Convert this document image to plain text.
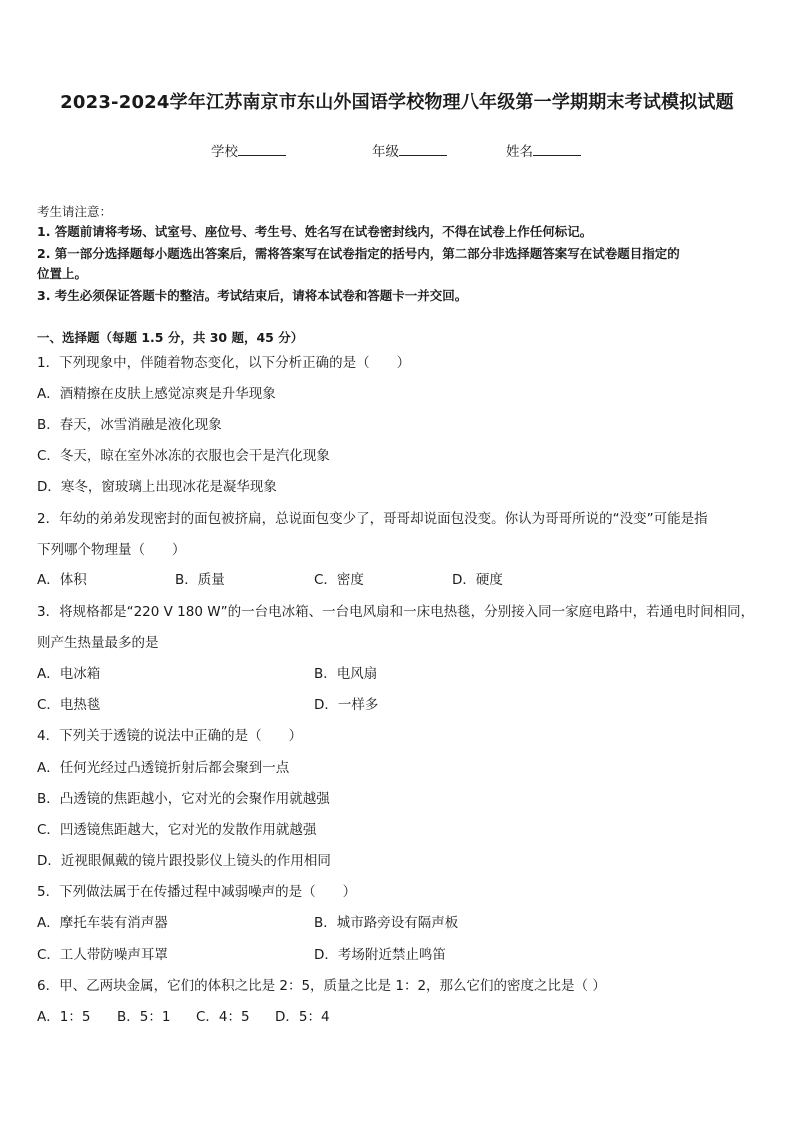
2023-2024学年江苏南京市东山外国语学校物理八年级第一学期期末考试模拟试题
学校	年级	姓名
考生请注意：
1. 答题前请将考场、试室号、座位号、考生号、姓名写在试卷密封线内，不得在试卷上作任何标记。
2. 第一部分选择题每小题选出答案后，需将答案写在试卷指定的括号内，第二部分非选择题答案写在试卷题目指定的
位置上。
3. 考生必须保证答题卡的整洁。考试结束后，请将本试卷和答题卡一并交回。
一、选择题（每题 1.5 分，共 30 题，45 分）
1．下列现象中，伴随着物态变化，以下分析正确的是（　　）
A．酒精擦在皮肤上感觉凉爽是升华现象
B．春天，冰雪消融是液化现象
C．冬天，晾在室外冰冻的衣服也会干是汽化现象
D．寒冬，窗玻璃上出现冰花是凝华现象
2．年幼的弟弟发现密封的面包被挤扁，总说面包变少了，哥哥却说面包没变。你认为哥哥所说的“没变”可能是指
下列哪个物理量（　　）
A．体积	B．质量	C．密度	D．硬度
3．将规格都是“220 V 180 W”的一台电冰箱、一台电风扇和一床电热毯，分别接入同一家庭电路中，若通电时间相同，
则产生热量最多的是
A．电冰箱	B．电风扇
C．电热毯	D．一样多
4．下列关于透镜的说法中正确的是（　　）
A．任何光经过凸透镜折射后都会聚到一点
B．凸透镜的焦距越小，它对光的会聚作用就越强
C．凹透镜焦距越大，它对光的发散作用就越强
D．近视眼佩戴的镜片跟投影仪上镜头的作用相同
5．下列做法属于在传播过程中减弱噪声的是（　　）
A．摩托车装有消声器	B．城市路旁设有隔声板
C．工人带防噪声耳罩	D．考场附近禁止鸣笛
6．甲、乙两块金属，它们的体积之比是 2：5，质量之比是 1：2，那么它们的密度之比是（ ）
A．1：5 B．5：1 C．4：5 D．5：4
